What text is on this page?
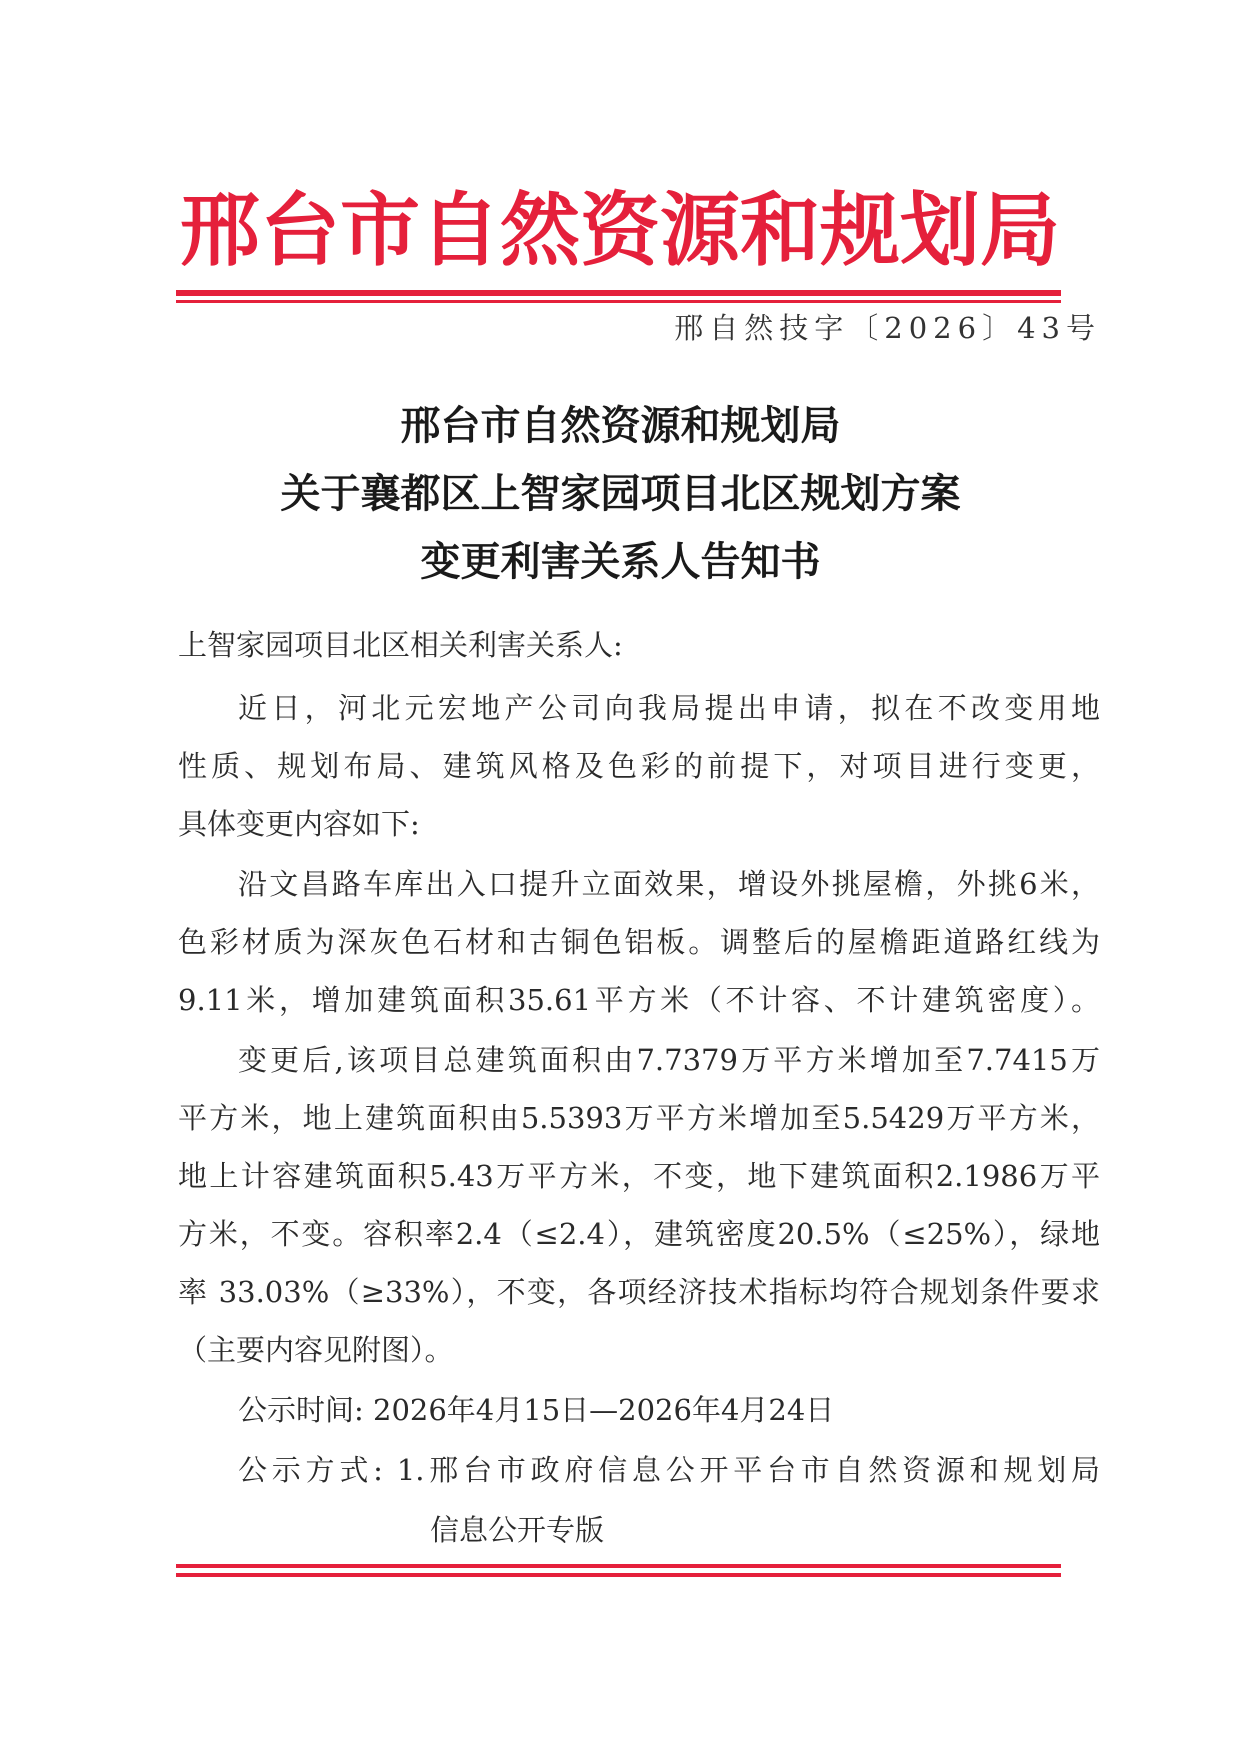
邢台市自然资源和规划局
邢自然技字〔2026〕43号
邢台市自然资源和规划局
关于襄都区上智家园项目北区规划方案
变更利害关系人告知书
上智家园项目北区相关利害关系人:
近日，河北元宏地产公司向我局提出申请，拟在不改变用地
性质、规划布局、建筑风格及色彩的前提下，对项目进行变更，
具体变更内容如下:
沿文昌路车库出入口提升立面效果，增设外挑屋檐，外挑6米，
色彩材质为深灰色石材和古铜色铝板。调整后的屋檐距道路红线为
9.11米，增加建筑面积35.61平方米（不计容、不计建筑密度）。
变更后,该项目总建筑面积由7.7379万平方米增加至7.7415万
平方米，地上建筑面积由5.5393万平方米增加至5.5429万平方米，
地上计容建筑面积5.43万平方米，不变，地下建筑面积2.1986万平
方米，不变。容积率2.4（≤2.4），建筑密度20.5%（≤25%），绿地
率 33.03%（≥33%），不变，各项经济技术指标均符合规划条件要求
（主要内容见附图）。
公示时间: 2026年4月15日—2026年4月24日
公示方式: 1.邢台市政府信息公开平台市自然资源和规划局
信息公开专版
